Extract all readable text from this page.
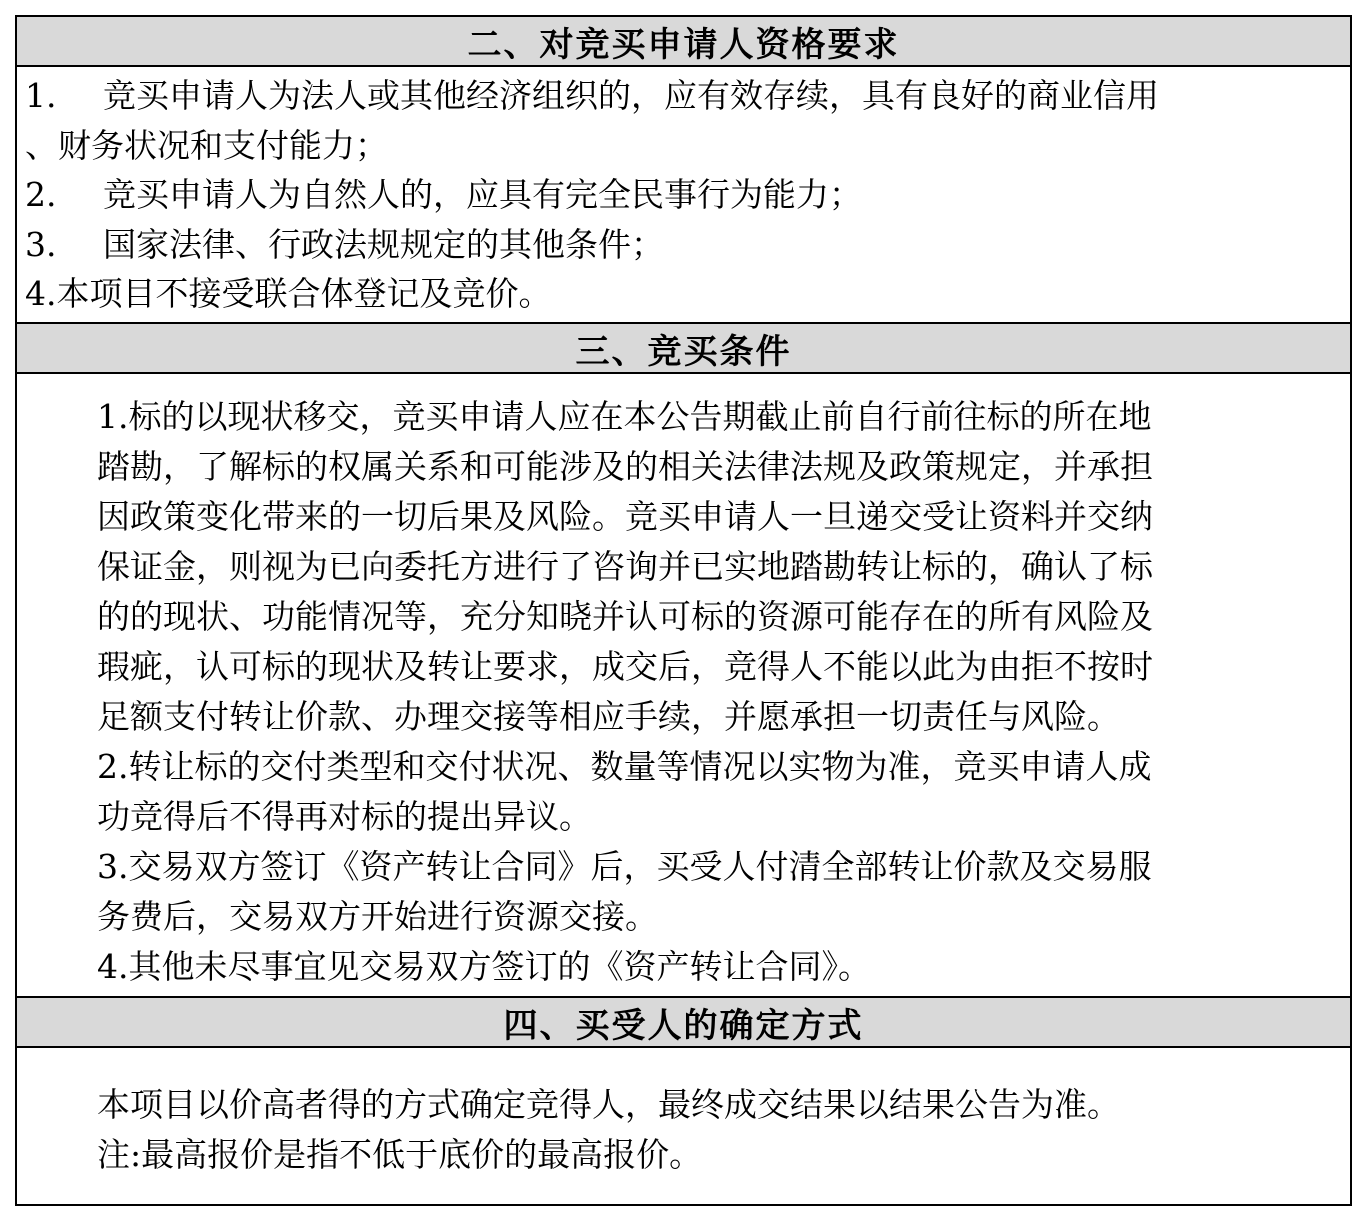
二、对竞买申请人资格要求
1. 竞买申请人为法人或其他经济组织的，应有效存续，具有良好的商业信用
、财务状况和支付能力；
2. 竞买申请人为自然人的，应具有完全民事行为能力；
3. 国家法律、行政法规规定的其他条件；
4.本项目不接受联合体登记及竞价。
三、竞买条件
1.标的以现状移交，竞买申请人应在本公告期截止前自行前往标的所在地
踏勘，了解标的权属关系和可能涉及的相关法律法规及政策规定，并承担
因政策变化带来的一切后果及风险。竞买申请人一旦递交受让资料并交纳
保证金，则视为已向委托方进行了咨询并已实地踏勘转让标的，确认了标
的的现状、功能情况等，充分知晓并认可标的资源可能存在的所有风险及
瑕疵，认可标的现状及转让要求，成交后，竞得人不能以此为由拒不按时
足额支付转让价款、办理交接等相应手续，并愿承担一切责任与风险。
2.转让标的交付类型和交付状况、数量等情况以实物为准，竞买申请人成
功竞得后不得再对标的提出异议。
3.交易双方签订《资产转让合同》后，买受人付清全部转让价款及交易服
务费后，交易双方开始进行资源交接。
4.其他未尽事宜见交易双方签订的《资产转让合同》。
四、买受人的确定方式
本项目以价高者得的方式确定竞得人，最终成交结果以结果公告为准。
注:最高报价是指不低于底价的最高报价。
